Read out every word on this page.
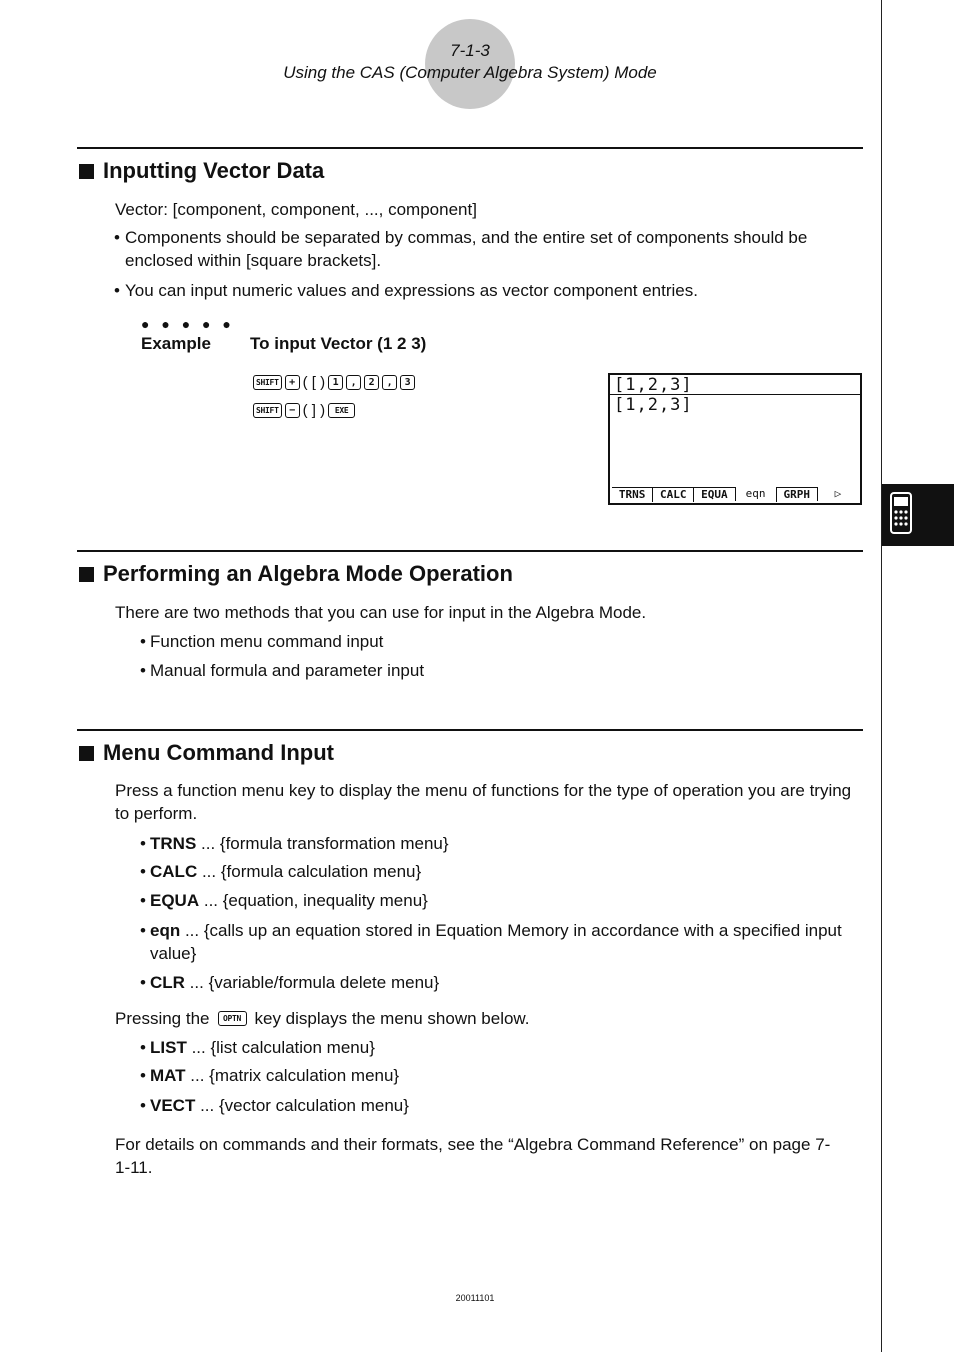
7-1-3
Using the CAS (Computer Algebra System) Mode
Inputting Vector Data
Vector: [component, component, ..., component]
• Components should be separated by commas, and the entire set of components should be enclosed within [square brackets].
• You can input numeric values and expressions as vector component entries.
● ● ● ● ●
Example To input Vector (1 2 3)
SHIFT	+ ( [ ) 1	,	2	,	3
SHIFT	− ( ] )	EXE
[1,2,3]
[1,2,3]
TRNS	CALC	EQUA	eqn	GRPH	▷
Performing an Algebra Mode Operation
There are two methods that you can use for input in the Algebra Mode.
• Function menu command input
• Manual formula and parameter input
Menu Command Input
Press a function menu key to display the menu of functions for the type of operation you are trying to perform.
• TRNS ... {formula transformation menu}
• CALC ... {formula calculation menu}
• EQUA ... {equation, inequality menu}
• eqn ... {calls up an equation stored in Equation Memory in accordance with a specified input value}
• CLR ... {variable/formula delete menu}
Pressing the	OPTN key displays the menu shown below.
• LIST ... {list calculation menu}
• MAT ... {matrix calculation menu}
• VECT ... {vector calculation menu}
For details on commands and their formats, see the “Algebra Command Reference” on page 7-1-11.
20011101
